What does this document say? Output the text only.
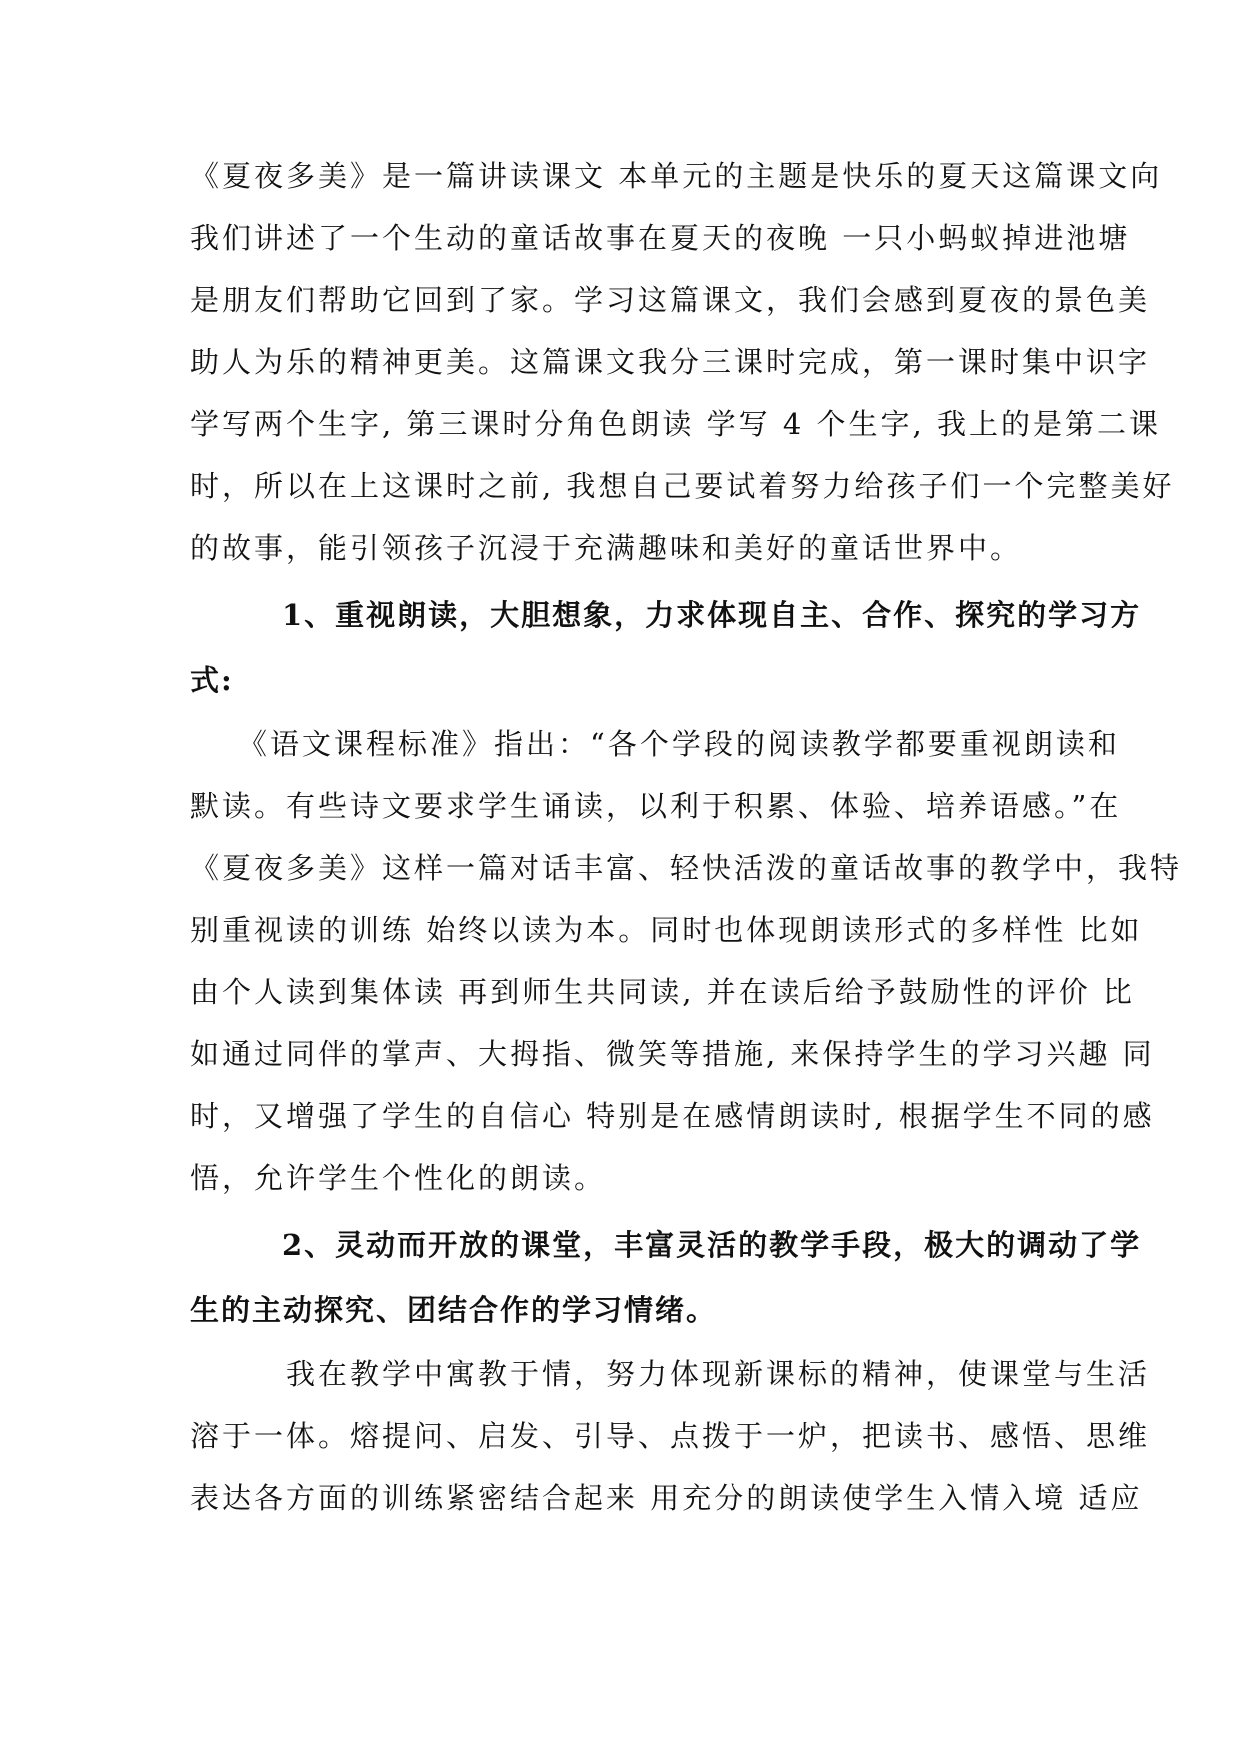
《夏夜多美》是一篇讲读课文 本单元的主题是快乐的夏天这篇课文向

我们讲述了一个生动的童话故事在夏天的夜晚 一只小蚂蚁掉进池塘

是朋友们帮助它回到了家。学习这篇课文，我们会感到夏夜的景色美

助人为乐的精神更美。这篇课文我分三课时完成，第一课时集中识字

学写两个生字, 第三课时分角色朗读 学写 4 个生字, 我上的是第二课

时，所以在上这课时之前, 我想自己要试着努力给孩子们一个完整美好

的故事，能引领孩子沉浸于充满趣味和美好的童话世界中。

1、重视朗读，大胆想象，力求体现自主、合作、探究的学习方

式:

《语文课程标准》指出：“各个学段的阅读教学都要重视朗读和

默读。有些诗文要求学生诵读，以利于积累、体验、培养语感。”在

《夏夜多美》这样一篇对话丰富、轻快活泼的童话故事的教学中，我特

别重视读的训练 始终以读为本。同时也体现朗读形式的多样性 比如

由个人读到集体读 再到师生共同读, 并在读后给予鼓励性的评价 比

如通过同伴的掌声、大拇指、微笑等措施, 来保持学生的学习兴趣 同

时，又增强了学生的自信心 特别是在感情朗读时, 根据学生不同的感

悟，允许学生个性化的朗读。

2、灵动而开放的课堂，丰富灵活的教学手段，极大的调动了学

生的主动探究、团结合作的学习情绪。

我在教学中寓教于情，努力体现新课标的精神，使课堂与生活

溶于一体。熔提问、启发、引导、点拨于一炉，把读书、感悟、思维

表达各方面的训练紧密结合起来 用充分的朗读使学生入情入境 适应
